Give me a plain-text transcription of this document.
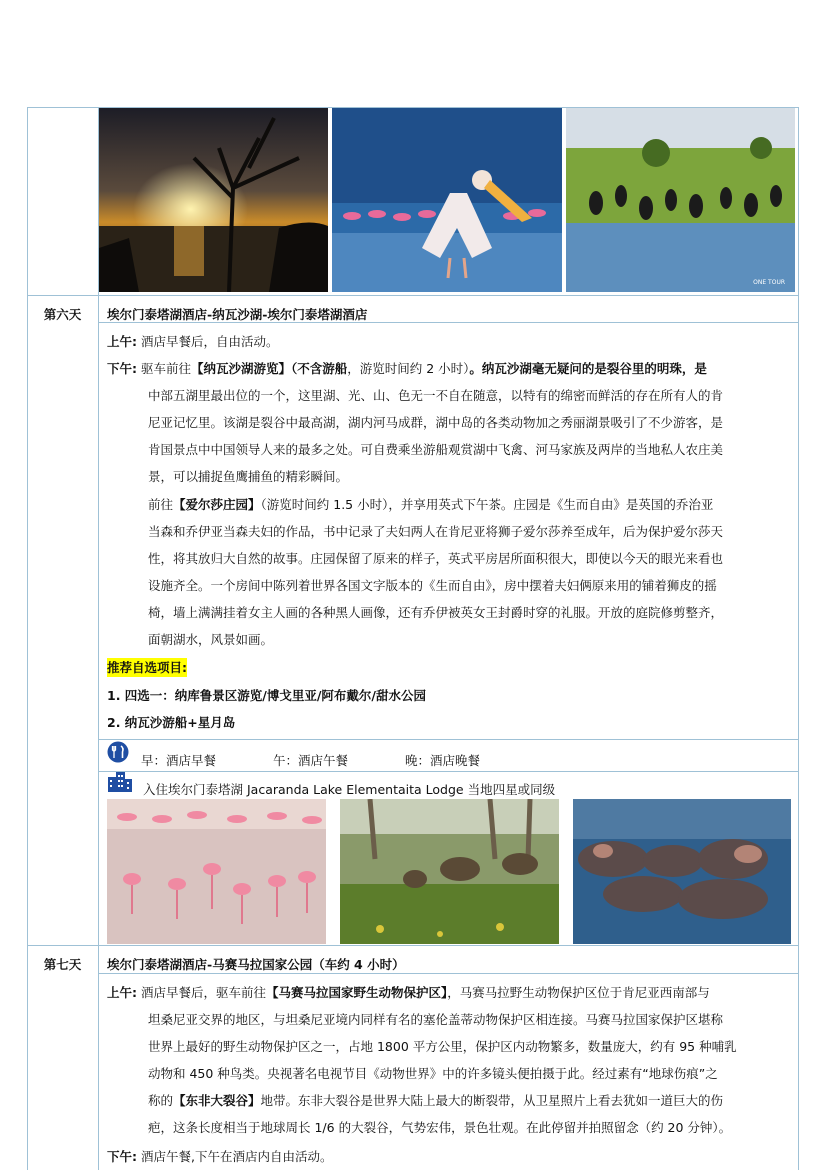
ONE TOUR
第六天	埃尔门泰塔湖酒店-纳瓦沙湖-埃尔门泰塔湖酒店
上午: 酒店早餐后，自由活动。
下午: 驱车前往【纳瓦沙湖游览】（不含游船，游览时间约 2 小时）。纳瓦沙湖毫无疑问的是裂谷里的明珠，是
中部五湖里最出位的一个，这里湖、光、山、色无一不自在随意，以特有的绵密而鲜活的存在所有人的肯
尼亚记忆里。该湖是裂谷中最高湖，湖内河马成群，湖中岛的各类动物加之秀丽湖景吸引了不少游客，是
肯国景点中中国领导人来的最多之处。可自费乘坐游船观赏湖中飞禽、河马家族及两岸的当地私人农庄美
景，可以捕捉鱼鹰捕鱼的精彩瞬间。
前往【爱尔莎庄园】（游览时间约 1.5 小时），并享用英式下午茶。庄园是《生而自由》是英国的乔治亚
当森和乔伊亚当森夫妇的作品，书中记录了夫妇两人在肯尼亚将狮子爱尔莎养至成年，后为保护爱尔莎天
性，将其放归大自然的故事。庄园保留了原来的样子，英式平房居所面积很大，即使以今天的眼光来看也
设施齐全。一个房间中陈列着世界各国文字版本的《生而自由》，房中摆着夫妇俩原来用的铺着狮皮的摇
椅，墙上满满挂着女主人画的各种黑人画像，还有乔伊被英女王封爵时穿的礼服。开放的庭院修剪整齐，
面朝湖水，风景如画。
推荐自选项目:
1. 四选一：纳库鲁景区游览/博戈里亚/阿布戴尔/甜水公园
2. 纳瓦沙游船+星月岛
早：酒店早餐	午：酒店午餐	晚：酒店晚餐
入住埃尔门泰塔湖 Jacaranda Lake Elementaita Lodge 当地四星或同级
第七天	埃尔门泰塔湖酒店-马赛马拉国家公园（车约 4 小时）
上午: 酒店早餐后，驱车前往【马赛马拉国家野生动物保护区】，马赛马拉野生动物保护区位于肯尼亚西南部与
坦桑尼亚交界的地区，与坦桑尼亚境内同样有名的塞伦盖蒂动物保护区相连接。马赛马拉国家保护区堪称
世界上最好的野生动物保护区之一，占地 1800 平方公里，保护区内动物繁多，数量庞大，约有 95 种哺乳
动物和 450 种鸟类。央视著名电视节目《动物世界》中的许多镜头便拍摄于此。经过素有“地球伤痕”之
称的【东非大裂谷】地带。东非大裂谷是世界大陆上最大的断裂带，从卫星照片上看去犹如一道巨大的伤
疤，这条长度相当于地球周长 1/6 的大裂谷，气势宏伟，景色壮观。在此停留并拍照留念（约 20 分钟）。
下午: 酒店午餐,下午在酒店内自由活动。
